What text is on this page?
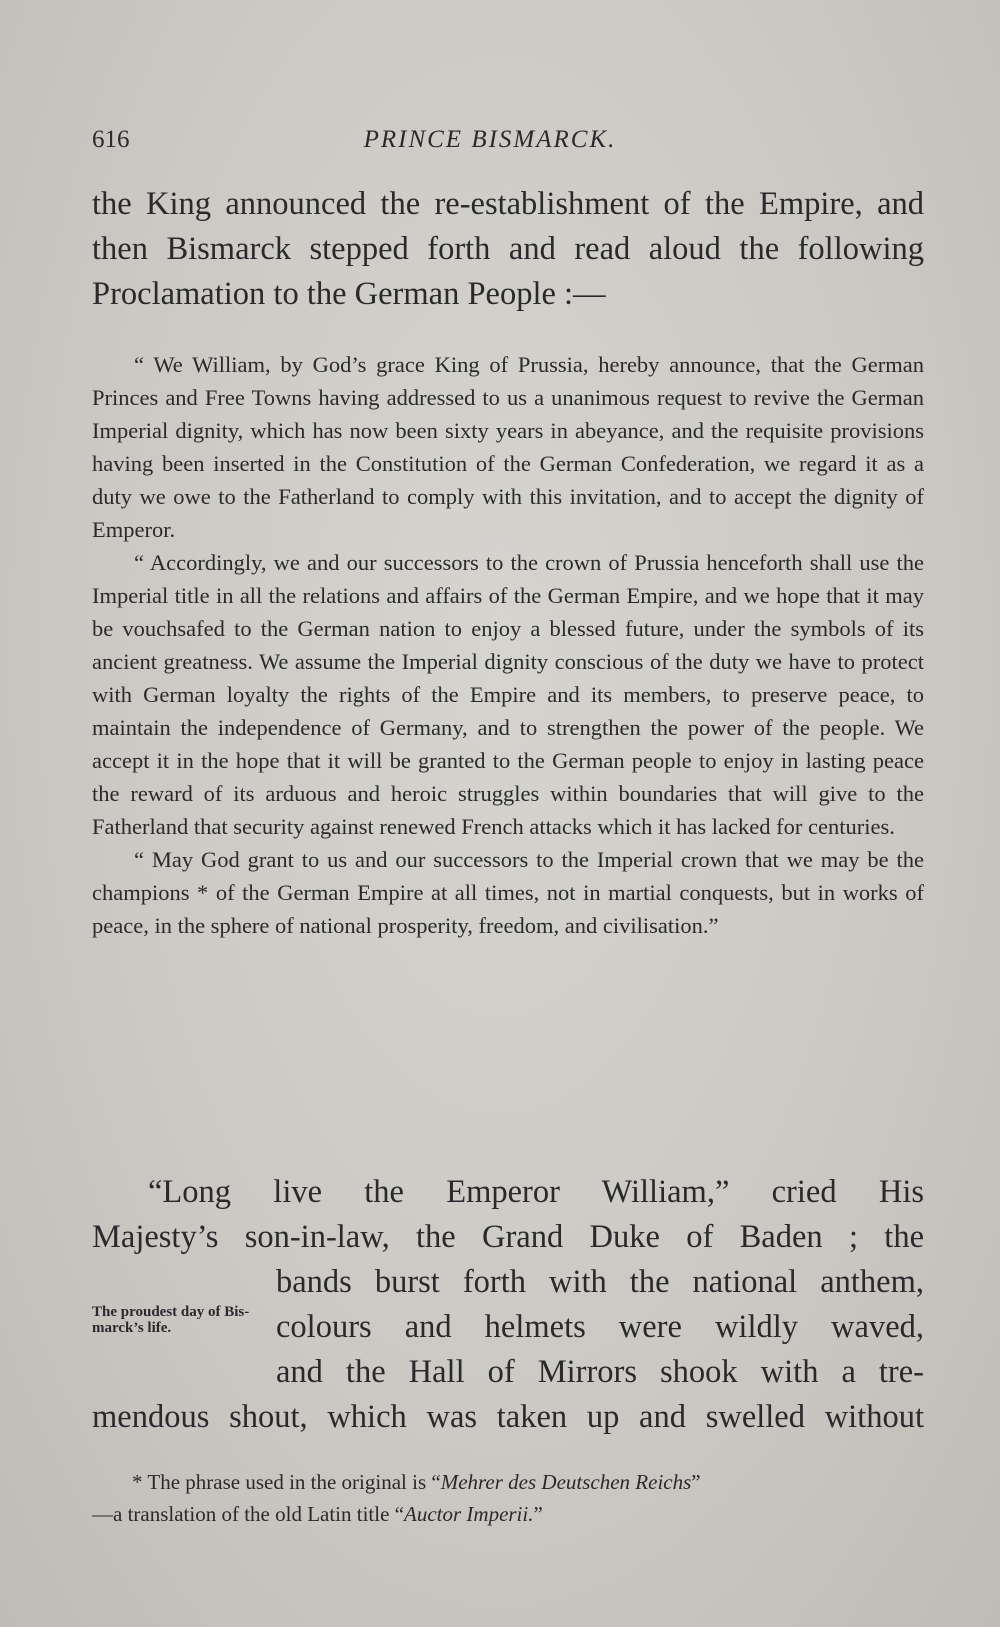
616	PRINCE BISMARCK.
the King announced the re-establishment of the Empire, and then Bismarck stepped forth and read aloud the following Proclamation to the German People :—

“ We William, by God’s grace King of Prussia, hereby announce, that the German Princes and Free Towns having addressed to us a unanimous request to revive the German Imperial dignity, which has now been sixty years in abeyance, and the requisite provisions having been inserted in the Constitution of the German Confederation, we regard it as a duty we owe to the Fatherland to comply with this invitation, and to accept the dignity of Emperor.

“ Accordingly, we and our successors to the crown of Prussia henceforth shall use the Imperial title in all the relations and affairs of the German Empire, and we hope that it may be vouchsafed to the German nation to enjoy a blessed future, under the symbols of its ancient greatness. We assume the Imperial dignity conscious of the duty we have to protect with German loyalty the rights of the Empire and its members, to preserve peace, to maintain the independence of Germany, and to strengthen the power of the people. We accept it in the hope that it will be granted to the German people to enjoy in lasting peace the reward of its arduous and heroic struggles within boundaries that will give to the Fatherland that security against renewed French attacks which it has lacked for centuries.

“ May God grant to us and our successors to the Imperial crown that we may be the champions * of the German Empire at all times, not in martial conquests, but in works of peace, in the sphere of national prosperity, freedom, and civilisation.”

“Long live the Emperor William,” cried His
Majesty’s son-in-law, the Grand Duke of Baden ; the
bands burst forth with the national anthem,
colours and helmets were wildly waved,
and the Hall of Mirrors shook with a tre-
mendous shout, which was taken up and swelled without
The proudest day of Bis-marck’s life.

* The phrase used in the original is “Mehrer des Deutschen Reichs”

—a translation of the old Latin title “Auctor Imperii.”
